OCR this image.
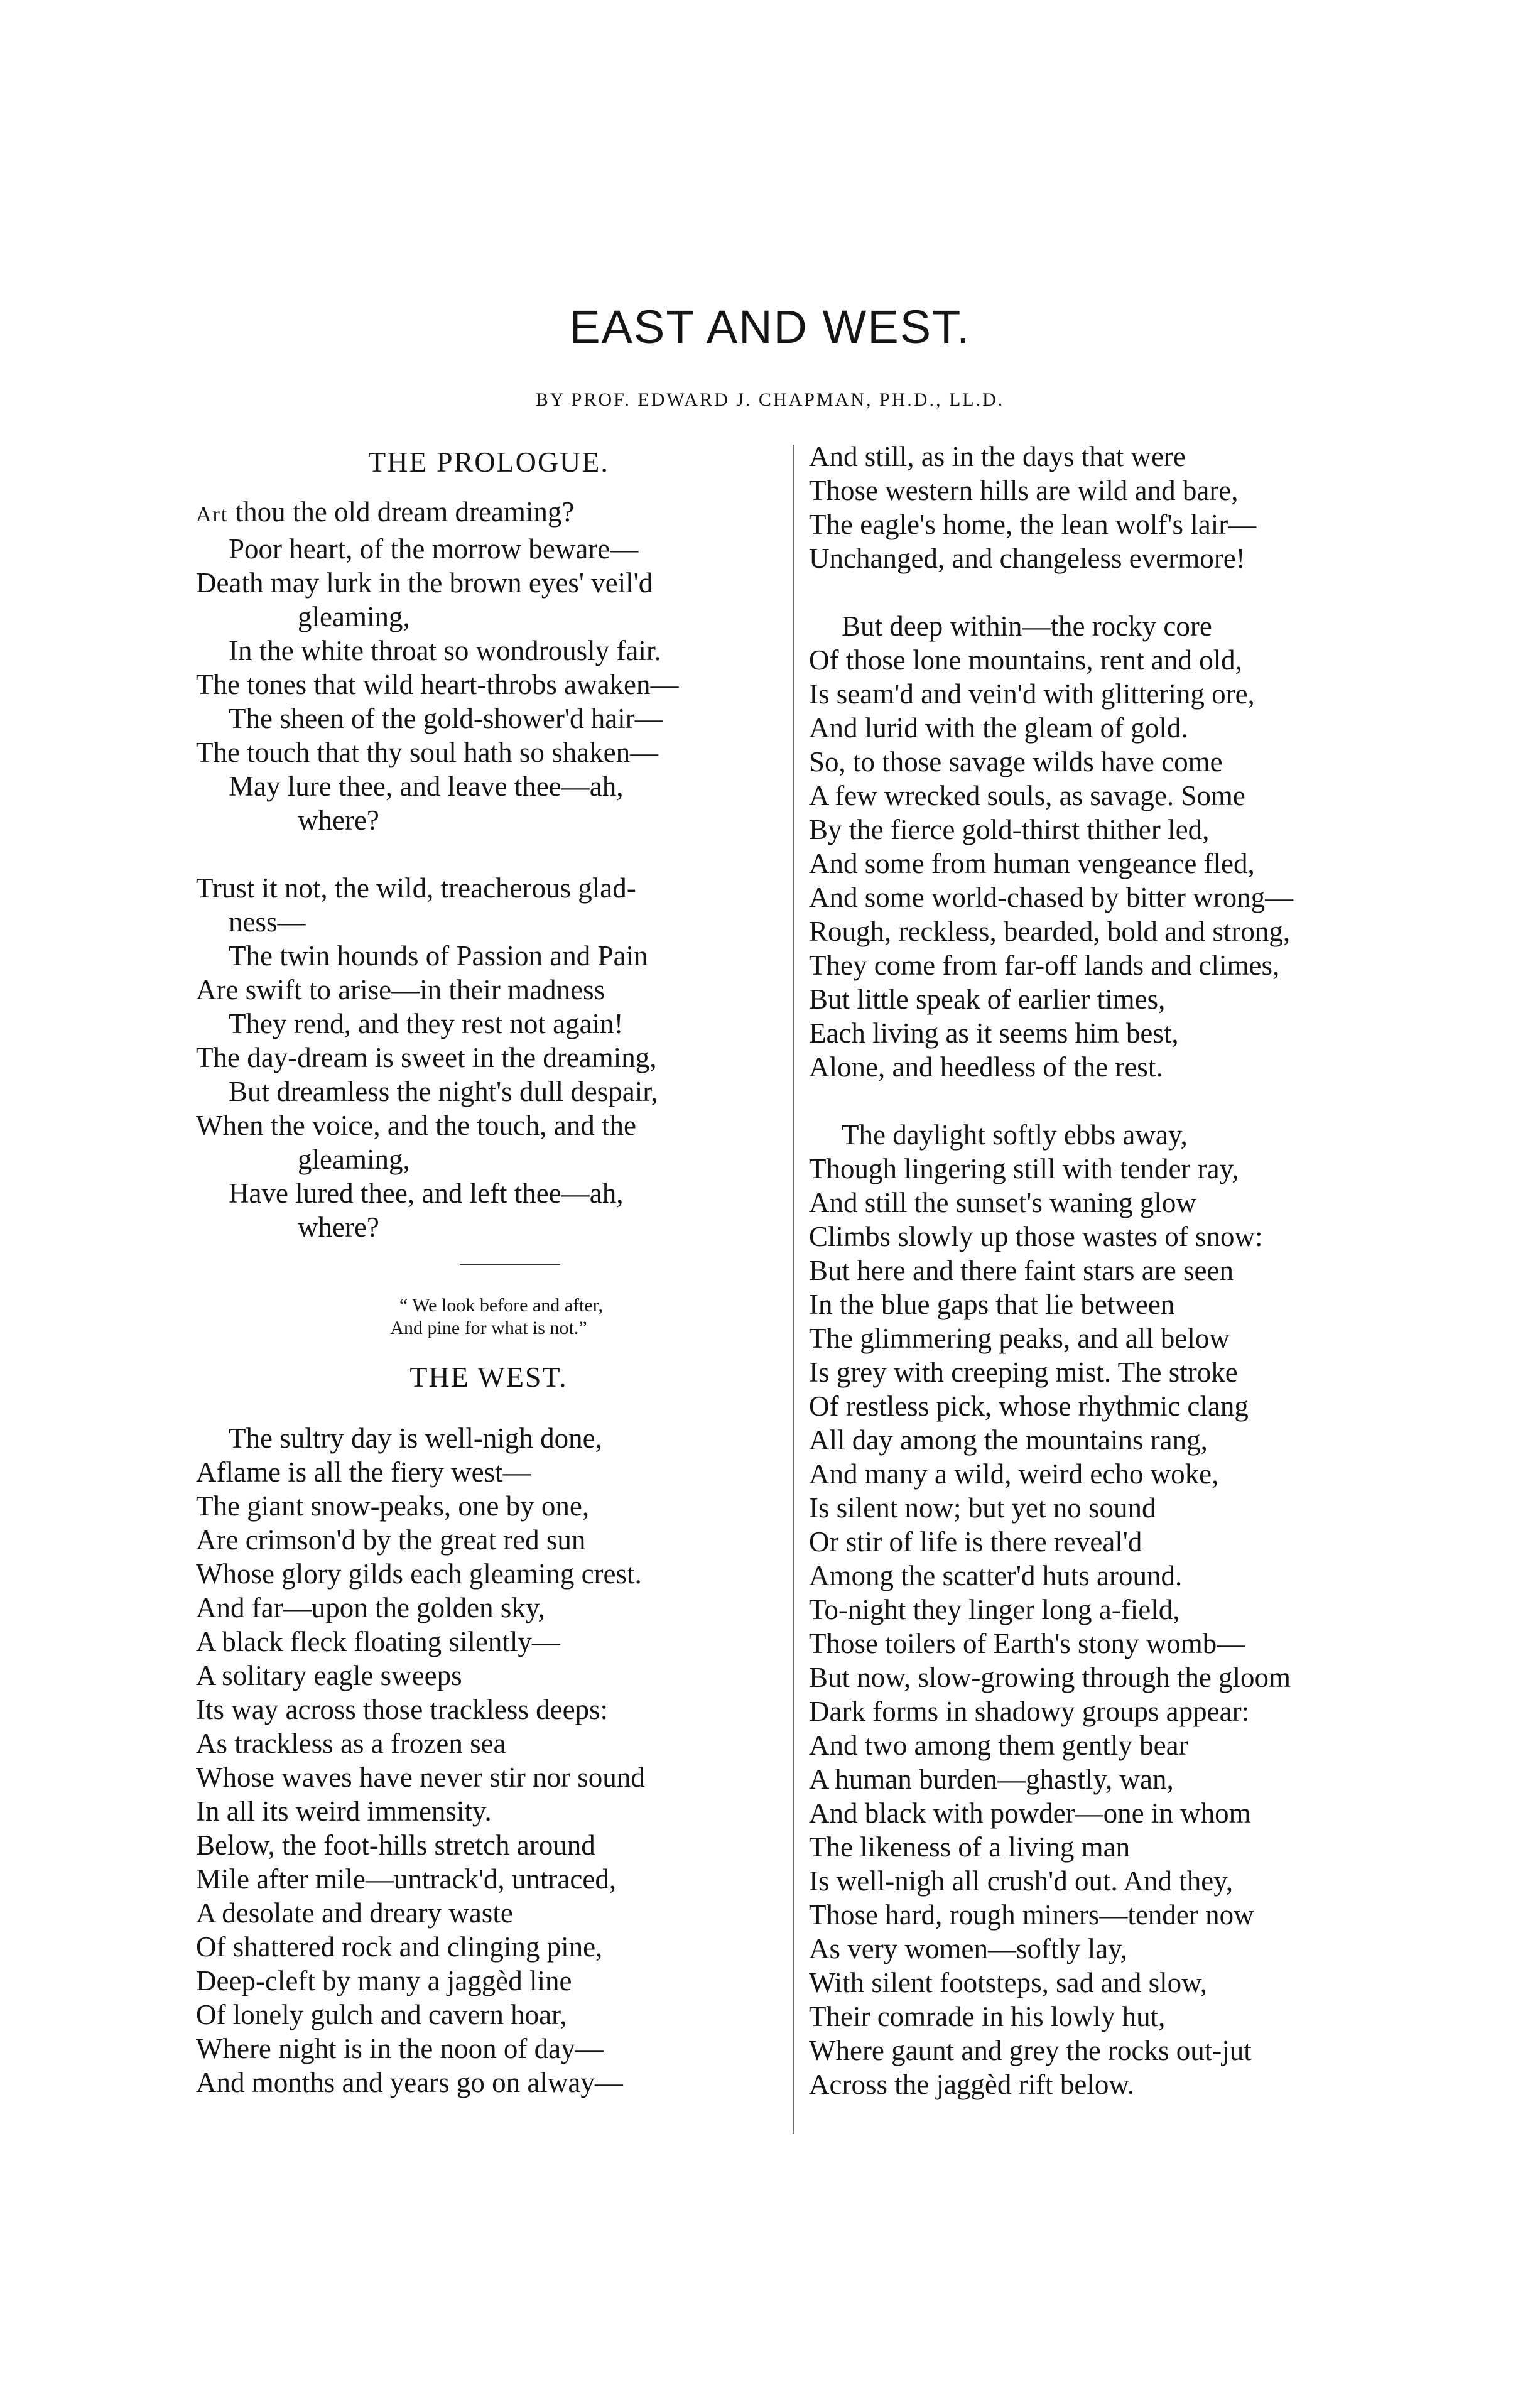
EAST AND WEST.

BY PROF. EDWARD J. CHAPMAN, PH.D., LL.D.

THE PROLOGUE.
Art thou the old dream dreaming?
Poor heart, of the morrow beware—
Death may lurk in the brown eyes' veil'd
gleaming,
In the white throat so wondrously fair.
The tones that wild heart-throbs awaken—
The sheen of the gold-shower'd hair—
The touch that thy soul hath so shaken—
May lure thee, and leave thee—ah,
where?
Trust it not, the wild, treacherous glad-
ness—
The twin hounds of Passion and Pain
Are swift to arise—in their madness
They rend, and they rest not again!
The day-dream is sweet in the dreaming,
But dreamless the night's dull despair,
When the voice, and the touch, and the
gleaming,
Have lured thee, and left thee—ah,
where?
“ We look before and after,
And pine for what is not.”
THE WEST.
The sultry day is well-nigh done,
Aflame is all the fiery west—
The giant snow-peaks, one by one,
Are crimson'd by the great red sun
Whose glory gilds each gleaming crest.
And far—upon the golden sky,
A black fleck floating silently—
A solitary eagle sweeps
Its way across those trackless deeps:
As trackless as a frozen sea
Whose waves have never stir nor sound
In all its weird immensity.
Below, the foot-hills stretch around
Mile after mile—untrack'd, untraced,
A desolate and dreary waste
Of shattered rock and clinging pine,
Deep-cleft by many a jaggèd line
Of lonely gulch and cavern hoar,
Where night is in the noon of day—
And months and years go on alway—
And still, as in the days that were
Those western hills are wild and bare,
The eagle's home, the lean wolf's lair—
Unchanged, and changeless evermore!
But deep within—the rocky core
Of those lone mountains, rent and old,
Is seam'd and vein'd with glittering ore,
And lurid with the gleam of gold.
So, to those savage wilds have come
A few wrecked souls, as savage. Some
By the fierce gold-thirst thither led,
And some from human vengeance fled,
And some world-chased by bitter wrong—
Rough, reckless, bearded, bold and strong,
They come from far-off lands and climes,
But little speak of earlier times,
Each living as it seems him best,
Alone, and heedless of the rest.
The daylight softly ebbs away,
Though lingering still with tender ray,
And still the sunset's waning glow
Climbs slowly up those wastes of snow:
But here and there faint stars are seen
In the blue gaps that lie between
The glimmering peaks, and all below
Is grey with creeping mist. The stroke
Of restless pick, whose rhythmic clang
All day among the mountains rang,
And many a wild, weird echo woke,
Is silent now; but yet no sound
Or stir of life is there reveal'd
Among the scatter'd huts around.
To-night they linger long a-field,
Those toilers of Earth's stony womb—
But now, slow-growing through the gloom
Dark forms in shadowy groups appear:
And two among them gently bear
A human burden—ghastly, wan,
And black with powder—one in whom
The likeness of a living man
Is well-nigh all crush'd out. And they,
Those hard, rough miners—tender now
As very women—softly lay,
With silent footsteps, sad and slow,
Their comrade in his lowly hut,
Where gaunt and grey the rocks out-jut
Across the jaggèd rift below.
